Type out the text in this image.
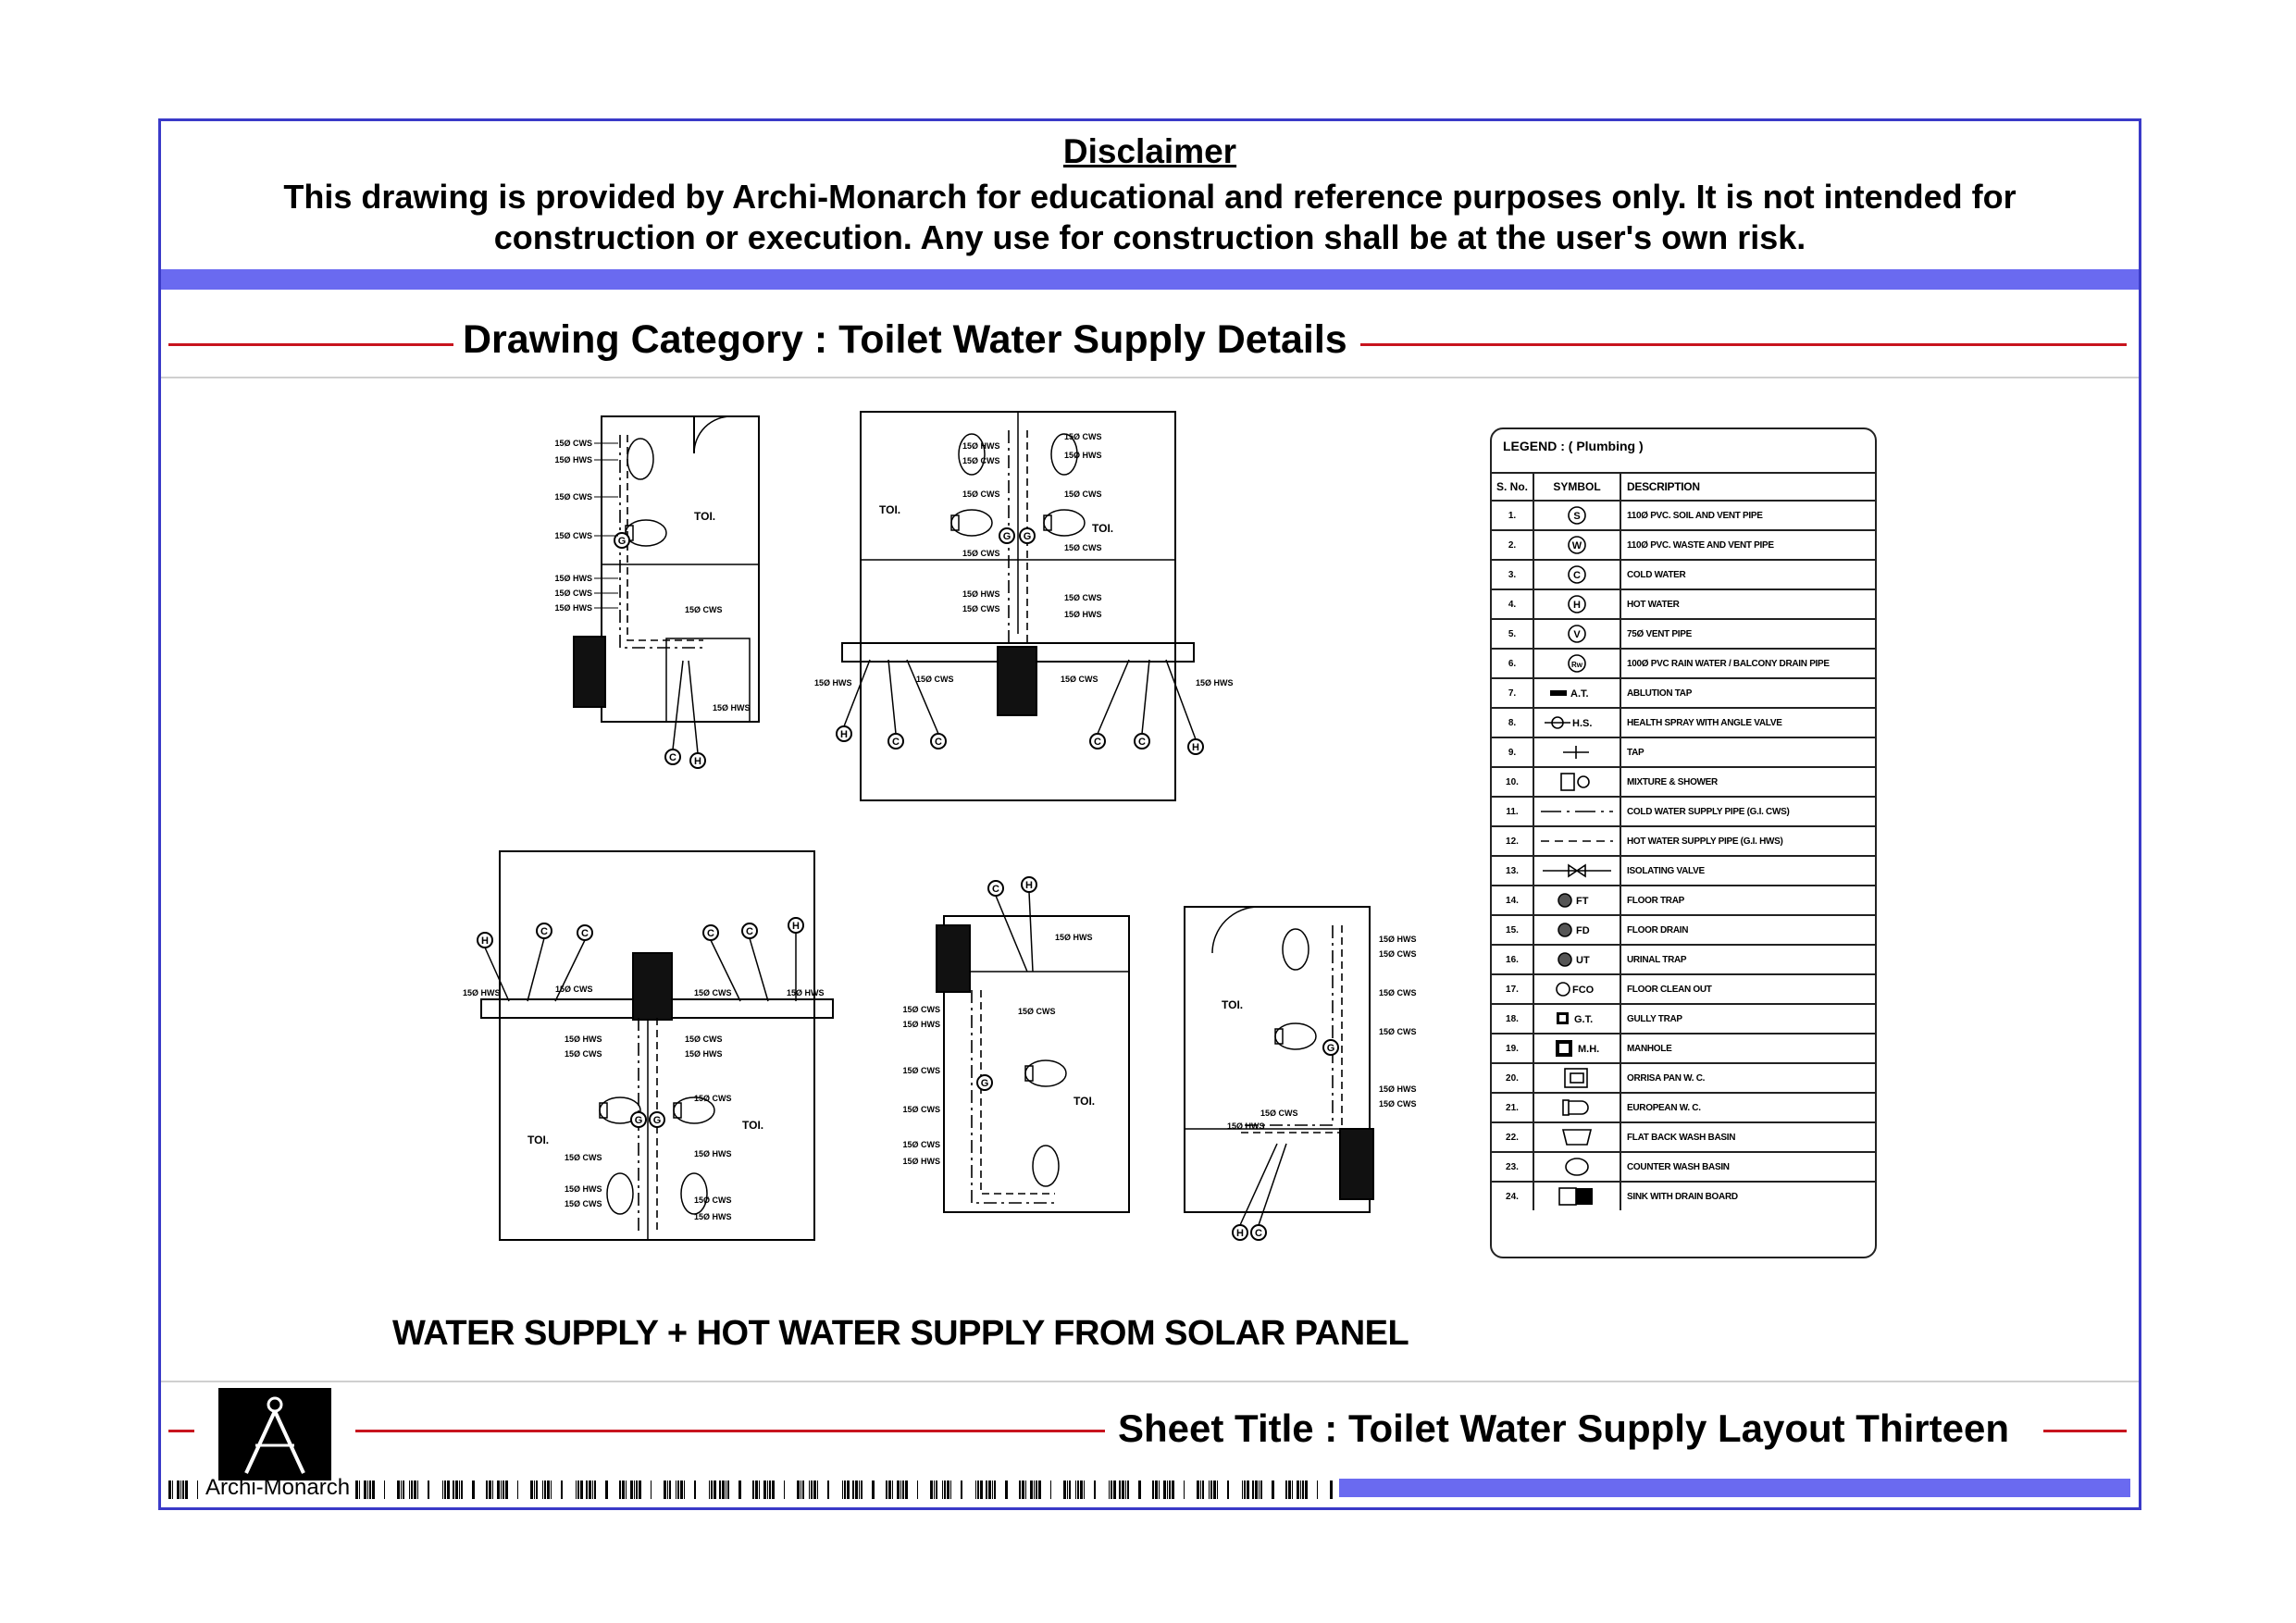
Disclaimer
This drawing is provided by Archi-Monarch for educational and reference purposes only. It is not intended for
construction or execution. Any use for construction shall be at the user's own risk.
Drawing Category : Toilet Water Supply Details
TOI.
G
15Ø CWS
15Ø HWS
15Ø CWS
15Ø CWS
15Ø HWS
15Ø CWS
15Ø HWS	15Ø CWS
15Ø HWS
C H
TOI.
TOI.
G G
15Ø HWS
15Ø CWS
15Ø CWS
15Ø CWS
15Ø HWS
15Ø CWS
15Ø CWS
15Ø HWS
15Ø CWS
15Ø CWS
15Ø CWS
15Ø HWS
15Ø HWS	15Ø CWS	15Ø CWS	15Ø HWS
H
C	C	C	C	H
TOI.
TOI.
G G
15Ø HWS	15Ø CWS	15Ø CWS	15Ø HWS
15Ø HWS
15Ø CWS
15Ø CWS
15Ø HWS
15Ø CWS
15Ø HWS
15Ø CWS
15Ø HWS
15Ø CWS	15Ø CWS
15Ø HWS
H
C	C	C	C	H
TOI.
G
C	H
15Ø HWS
15Ø CWS
15Ø CWS
15Ø HWS
15Ø CWS
15Ø CWS
15Ø CWS
15Ø HWS
TOI.
G
15Ø HWS
15Ø CWS
15Ø CWS
15Ø CWS
15Ø HWS
15Ø CWS
15Ø CWS
15Ø HWS
H C
LEGEND : ( Plumbing )
S. No.	SYMBOL	DESCRIPTION
1.	S	110Ø PVC. SOIL AND VENT PIPE
2.	W	110Ø PVC. WASTE AND VENT PIPE
3.	C	COLD WATER
4.	H	HOT WATER
5.	V	75Ø VENT PIPE
6.	Rw	100Ø PVC RAIN WATER / BALCONY DRAIN PIPE
7.	A.T.	ABLUTION TAP
8.	H.S.	HEALTH SPRAY WITH ANGLE VALVE
9.		TAP
10.		MIXTURE & SHOWER
11.		COLD WATER SUPPLY PIPE (G.I. CWS)
12.		HOT WATER SUPPLY PIPE (G.I. HWS)
13.		ISOLATING VALVE
14.	FT	FLOOR TRAP
15.	FD	FLOOR DRAIN
16.	UT	URINAL TRAP
17.	FCO	FLOOR CLEAN OUT
18.	G.T.	GULLY TRAP
19.	M.H.	MANHOLE
20.		ORRISA PAN W. C.
21.		EUROPEAN W. C.
22.		FLAT BACK WASH BASIN
23.		COUNTER WASH BASIN
24.		SINK WITH DRAIN BOARD
WATER SUPPLY + HOT WATER SUPPLY FROM SOLAR PANEL
Archi-Monarch
Sheet Title : Toilet Water Supply Layout Thirteen
